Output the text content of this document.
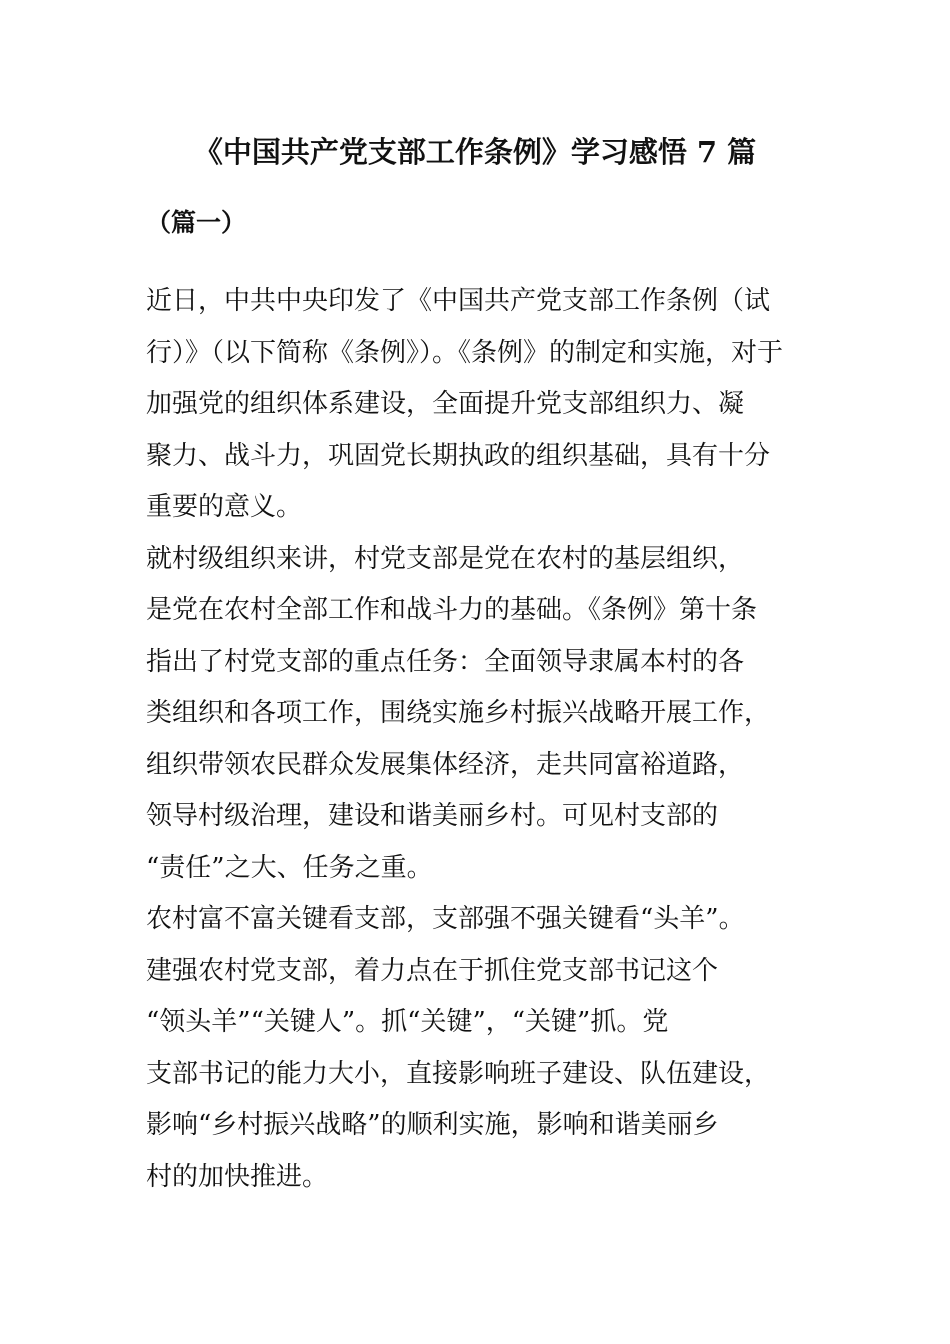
《中国共产党支部工作条例》学习感悟 7 篇
（篇一）
近日，中共中央印发了《中国共产党支部工作条例（试
行）》（以下简称《条例》）。《条例》的制定和实施，对于
加强党的组织体系建设，全面提升党支部组织力、凝
聚力、战斗力，巩固党长期执政的组织基础，具有十分
重要的意义。
就村级组织来讲，村党支部是党在农村的基层组织，
是党在农村全部工作和战斗力的基础。《条例》第十条
指出了村党支部的重点任务：全面领导隶属本村的各
类组织和各项工作，围绕实施乡村振兴战略开展工作，
组织带领农民群众发展集体经济，走共同富裕道路，
领导村级治理，建设和谐美丽乡村。可见村支部的
“责任”之大、任务之重。
农村富不富关键看支部，支部强不强关键看“头羊”。
建强农村党支部，着力点在于抓住党支部书记这个
“领头羊”“关键人”。抓“关键”，“关键”抓。党
支部书记的能力大小，直接影响班子建设、队伍建设，
影响“乡村振兴战略”的顺利实施，影响和谐美丽乡
村的加快推进。
